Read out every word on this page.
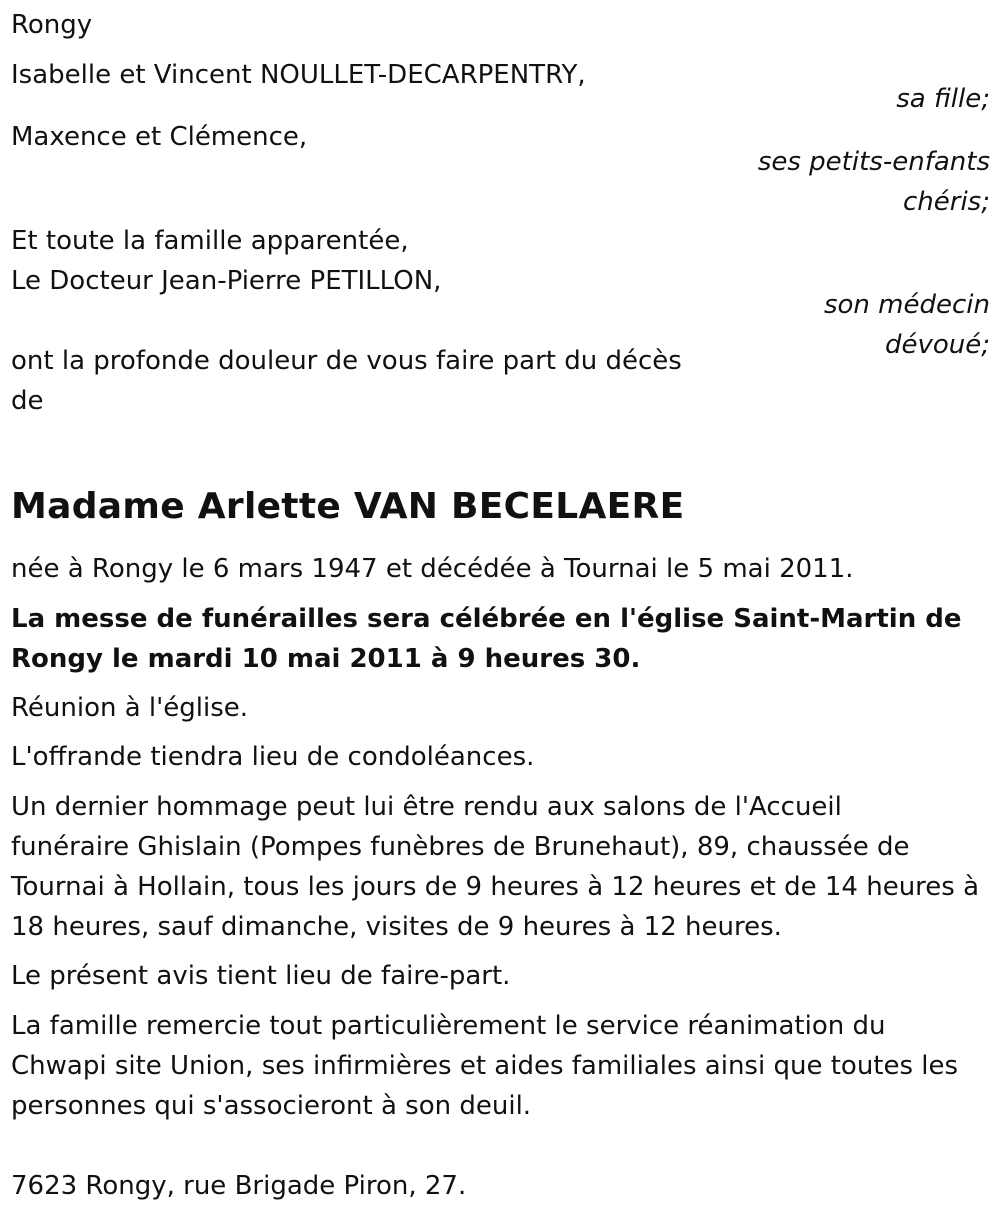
Rongy

Isabelle et Vincent NOULLET-DECARPENTRY,

sa fille;

Maxence et Clémence,

ses petits-enfants
chéris;

Et toute la famille apparentée,

Le Docteur Jean-Pierre PETILLON,

son médecin
dévoué;

ont la profonde douleur de vous faire part du décès

de

Madame Arlette VAN BECELAERE

née à Rongy le 6 mars 1947 et décédée à Tournai le 5 mai 2011.

La messe de funérailles sera célébrée en l'église Saint-Martin de

Rongy le mardi 10 mai 2011 à 9 heures 30.

Réunion à l'église.

L'offrande tiendra lieu de condoléances.

Un dernier hommage peut lui être rendu aux salons de l'Accueil

funéraire Ghislain (Pompes funèbres de Brunehaut), 89, chaussée de

Tournai à Hollain, tous les jours de 9 heures à 12 heures et de 14 heures à

18 heures, sauf dimanche, visites de 9 heures à 12 heures.

Le présent avis tient lieu de faire-part.

La famille remercie tout particulièrement le service réanimation du

Chwapi site Union, ses infirmières et aides familiales ainsi que toutes les

personnes qui s'associeront à son deuil.

7623 Rongy, rue Brigade Piron, 27.
